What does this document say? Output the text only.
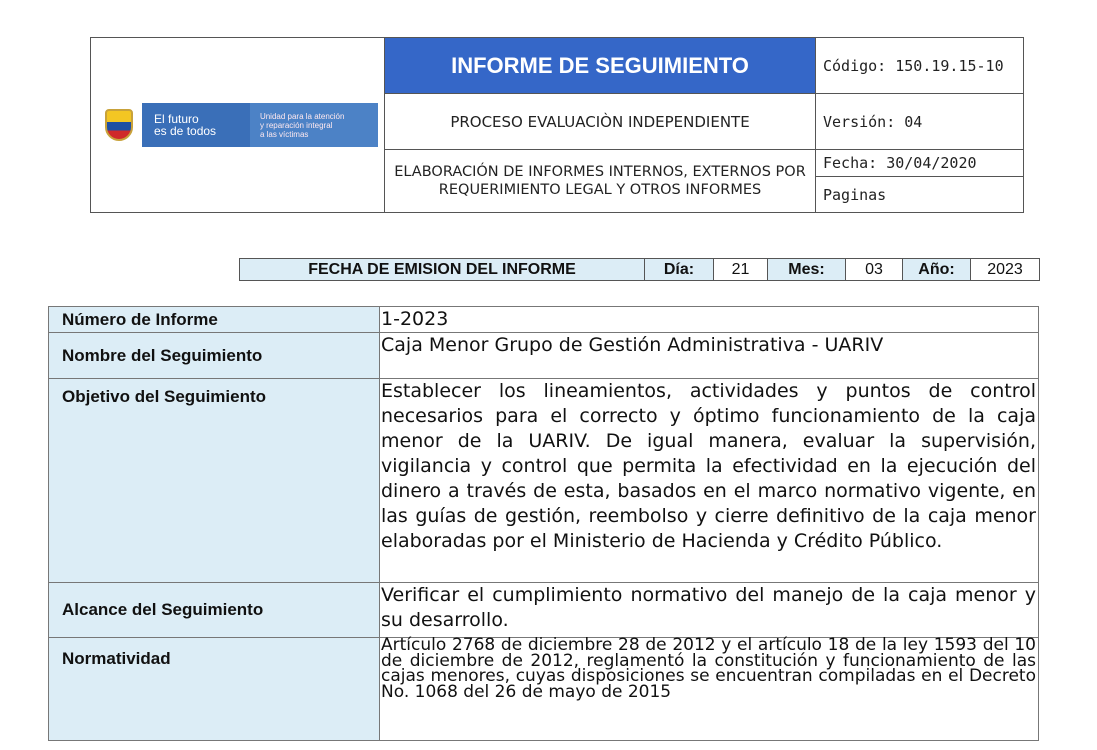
El futuro
es de todos
Unidad para la atención
y reparación integral
a las víctimas	INFORME DE SEGUIMIENTO	Código: 150.19.15-10
	PROCESO EVALUACIÒN INDEPENDIENTE	Versión: 04
	ELABORACIÓN DE INFORMES INTERNOS, EXTERNOS POR REQUERIMIENTO LEGAL Y OTROS INFORMES	Fecha: 30/04/2020
		Paginas
FECHA DE EMISION DEL INFORME	Día:	21	Mes:	03	Año:	2023
Número de Informe	1-2023
Nombre del Seguimiento	Caja Menor Grupo de Gestión Administrativa - UARIV
Objetivo del Seguimiento	Establecer los lineamientos, actividades y puntos de control necesarios para el correcto y óptimo funcionamiento de la caja menor de la UARIV. De igual manera, evaluar la supervisión, vigilancia y control que permita la efectividad en la ejecución del dinero a través de esta, basados en el marco normativo vigente, en las guías de gestión, reembolso y cierre definitivo de la caja menor elaboradas por el Ministerio de Hacienda y Crédito Público.
Alcance del Seguimiento	Verificar el cumplimiento normativo del manejo de la caja menor y su desarrollo.
Normatividad	Artículo 2768 de diciembre 28 de 2012 y el artículo 18 de la ley 1593 del 10 de diciembre de 2012, reglamentó la constitución y funcionamiento de las cajas menores, cuyas disposiciones se encuentran compiladas en el Decreto No. 1068 del 26 de mayo de 2015
